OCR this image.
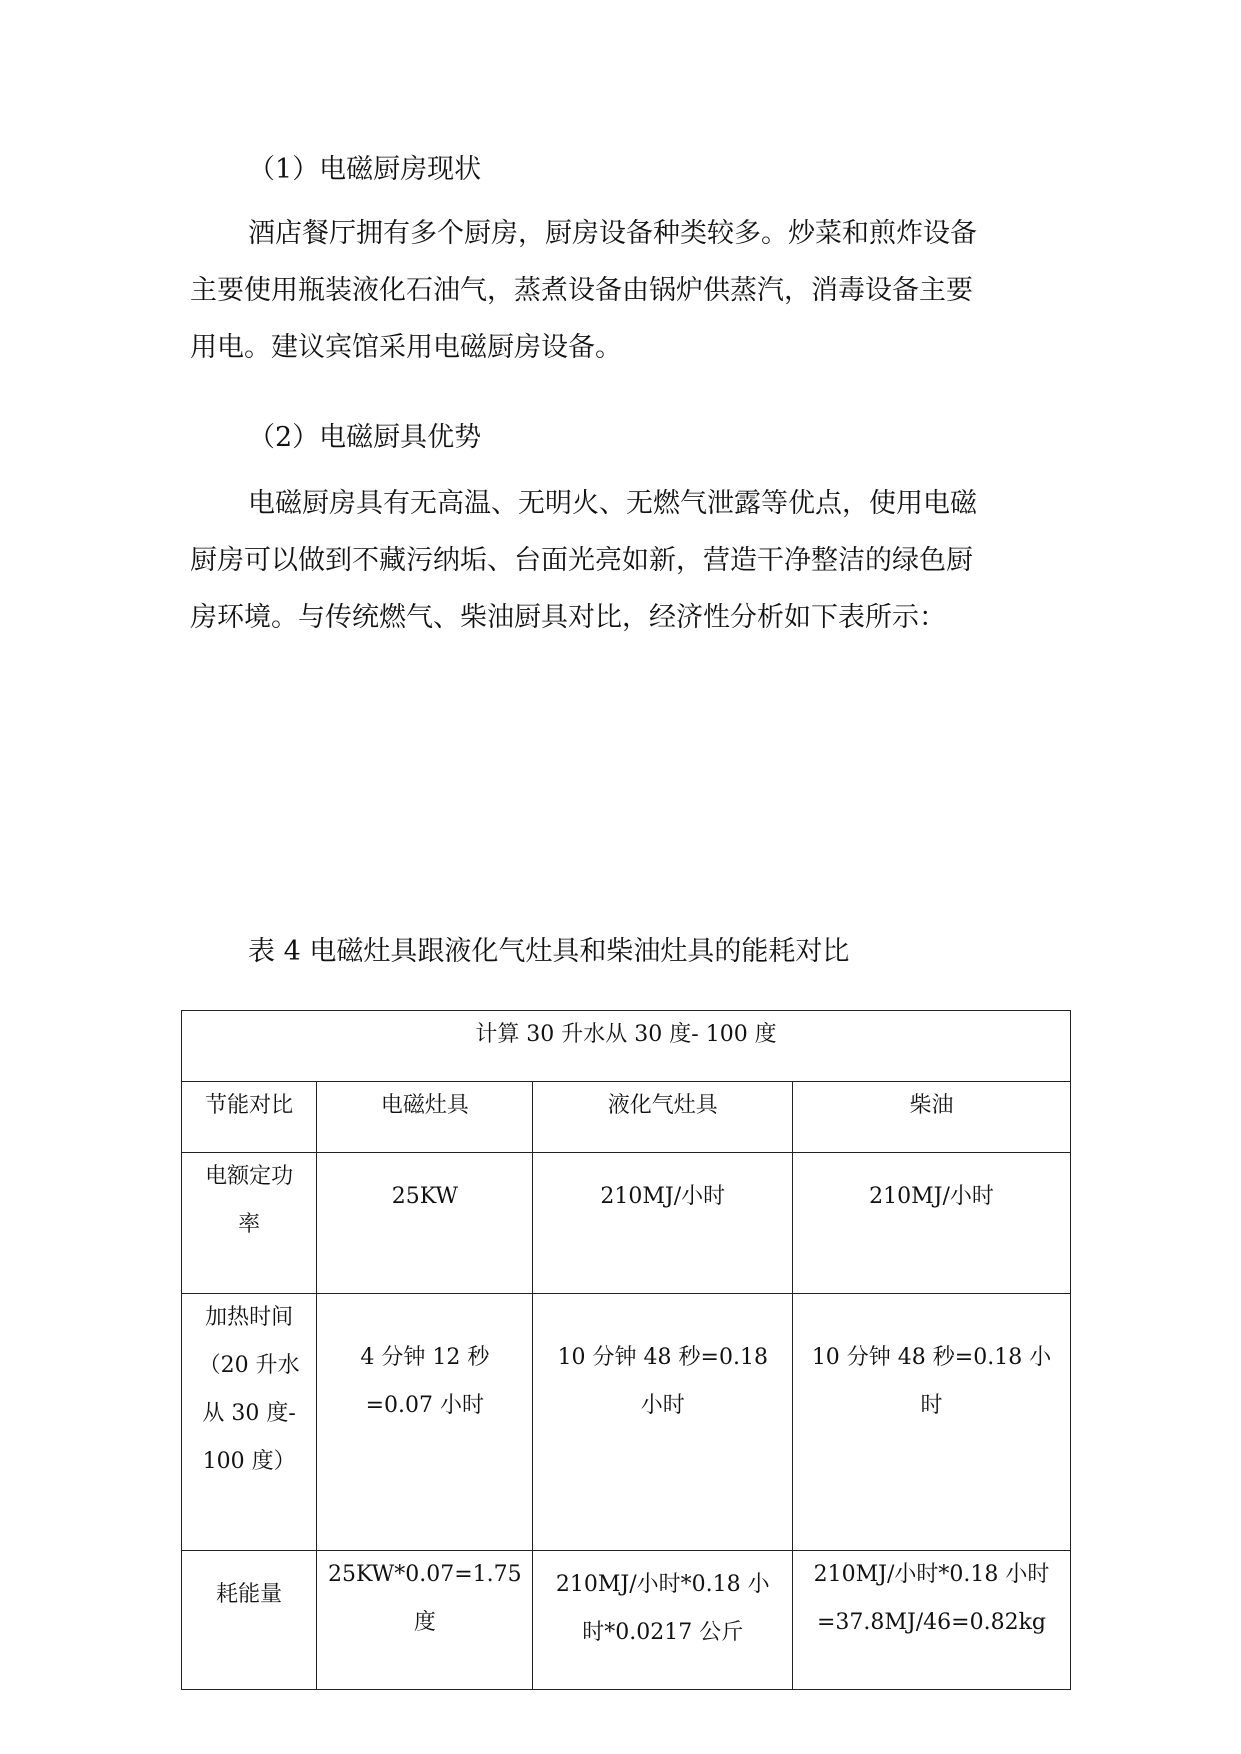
（1）电磁厨房现状
酒店餐厅拥有多个厨房，厨房设备种类较多。炒菜和煎炸设备
主要使用瓶装液化石油气，蒸煮设备由锅炉供蒸汽，消毒设备主要
用电。建议宾馆采用电磁厨房设备。
（2）电磁厨具优势
电磁厨房具有无高温、无明火、无燃气泄露等优点，使用电磁
厨房可以做到不藏污纳垢、台面光亮如新，营造干净整洁的绿色厨
房环境。与传统燃气、柴油厨具对比，经济性分析如下表所示：
表 4 电磁灶具跟液化气灶具和柴油灶具的能耗对比
计算 30 升水从 30 度- 100 度			
节能对比	电磁灶具	液化气灶具	柴油

电额定功
率	25KW	210MJ/小时	210MJ/小时

加热时间
（20 升水
从 30 度-
100 度）	4 分钟 12 秒
=0.07 小时	10 分钟 48 秒=0.18
小时	10 分钟 48 秒=0.18 小
时

耗能量	25KW*0.07=1.75
度	210MJ/小时*0.18 小
时*0.0217 公斤	210MJ/小时*0.18 小时
=37.8MJ/46=0.82kg
